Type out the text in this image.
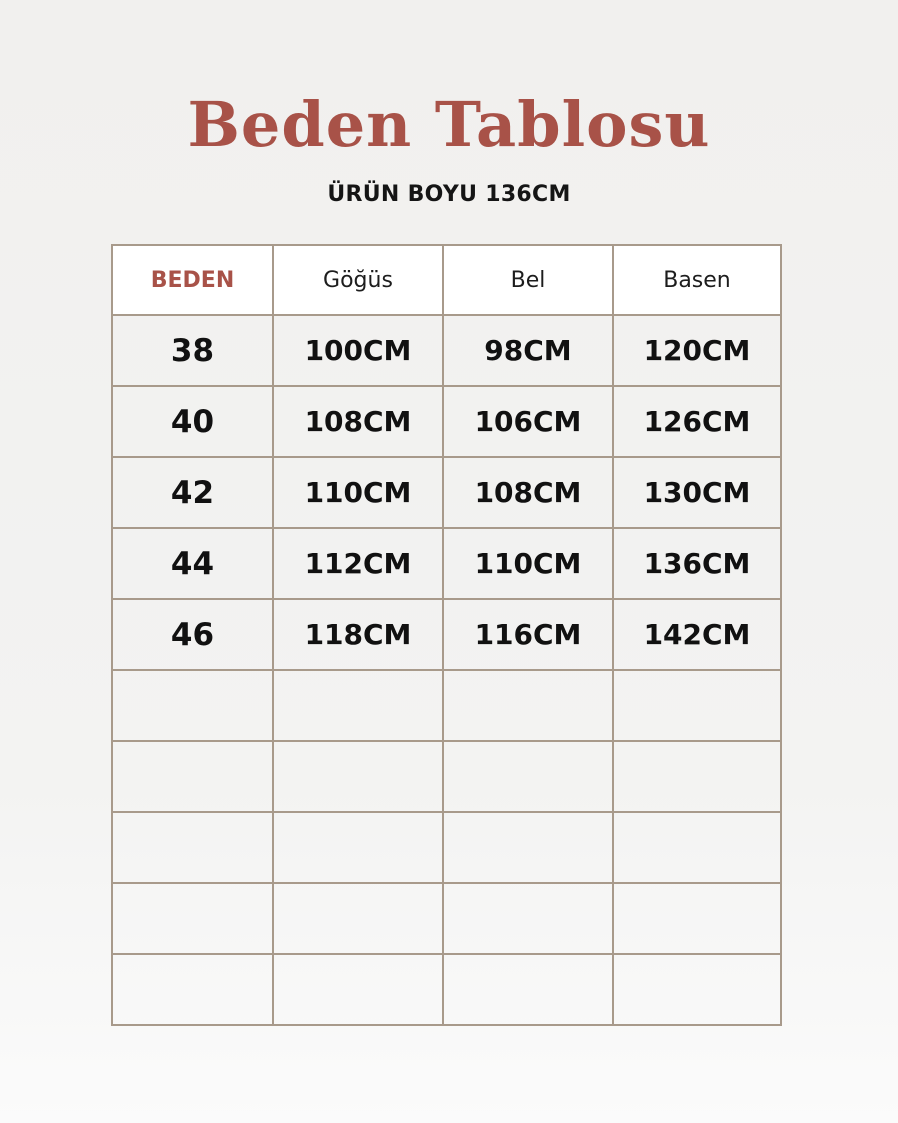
Beden Tablosu
ÜRÜN BOYU 136CM
BEDEN	Göğüs	Bel	Basen
38	100CM	98CM	120CM
40	108CM	106CM	126CM
42	110CM	108CM	130CM
44	112CM	110CM	136CM
46	118CM	116CM	142CM
